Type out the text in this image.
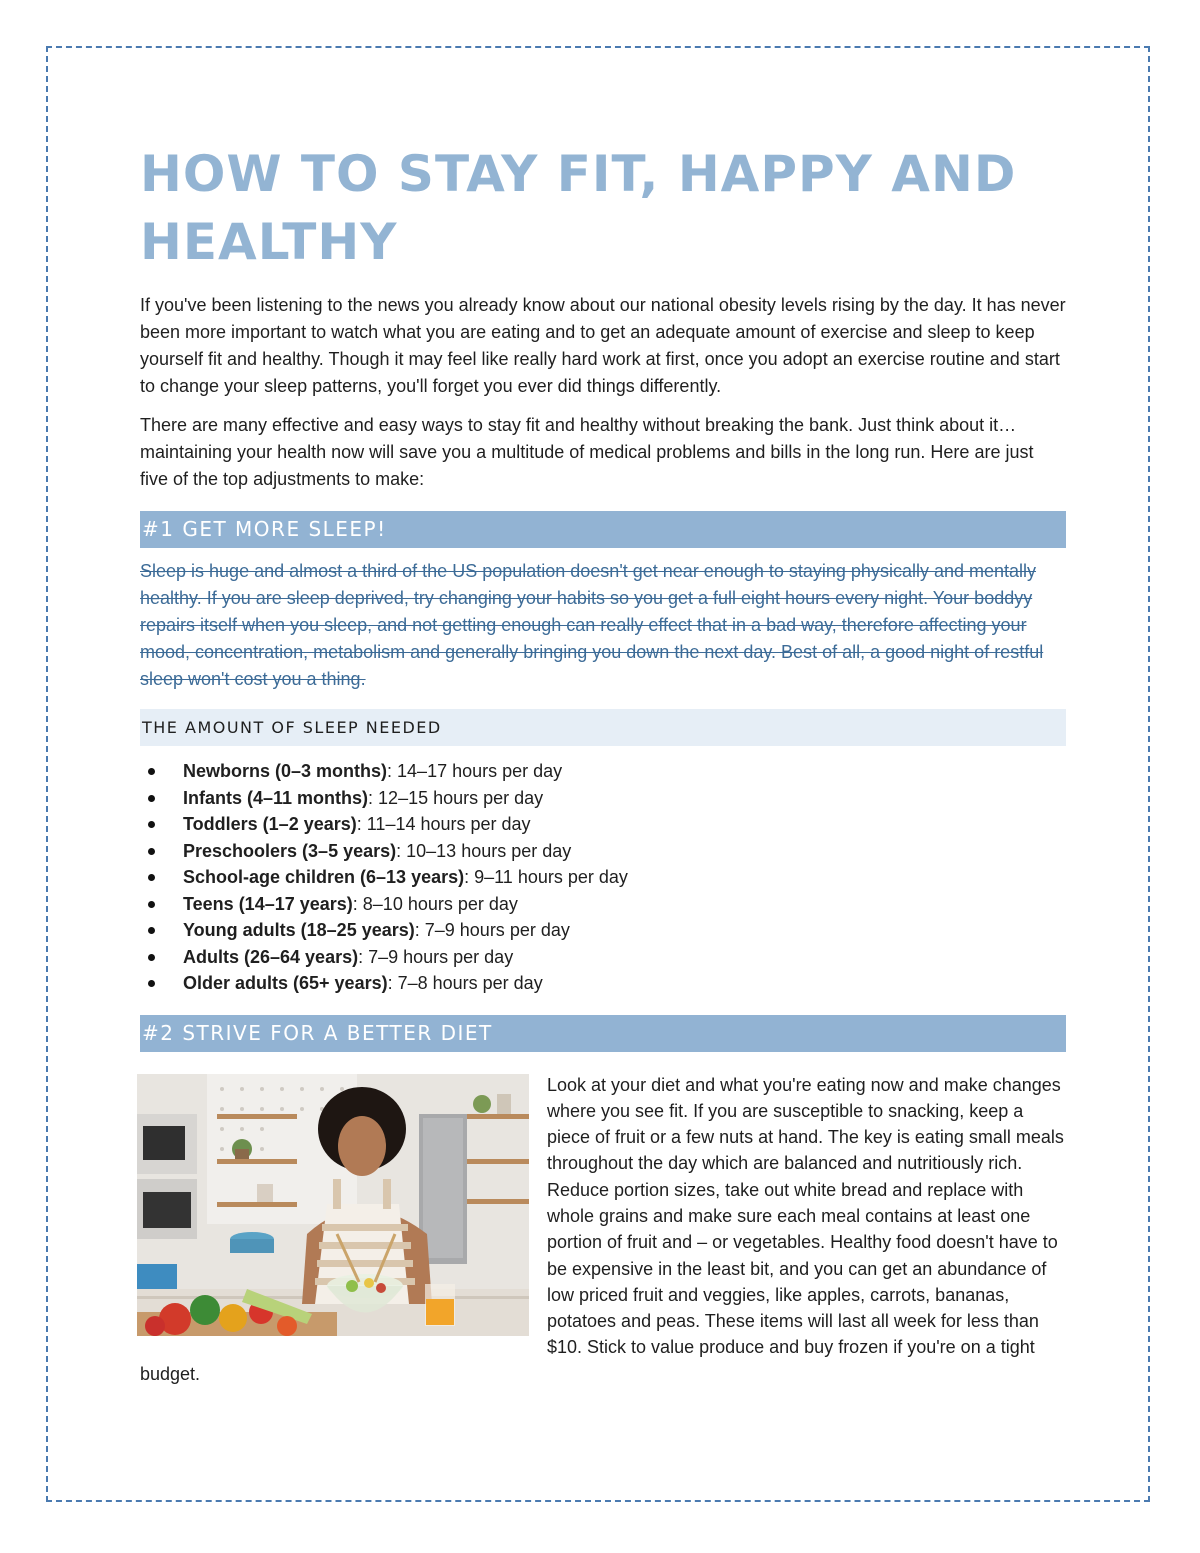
HOW TO STAY FIT, HAPPY AND HEALTHY

If you've been listening to the news you already know about our national obesity levels rising by the day. It has never been more important to watch what you are eating and to get an adequate amount of exercise and sleep to keep yourself fit and healthy. Though it may feel like really hard work at first, once you adopt an exercise routine and start to change your sleep patterns, you'll forget you ever did things differently.

There are many effective and easy ways to stay fit and healthy without breaking the bank. Just think about it…maintaining your health now will save you a multitude of medical problems and bills in the long run. Here are just five of the top adjustments to make:

#1 GET MORE SLEEP!

Sleep is huge and almost a third of the US population doesn't get near enough to staying physically and mentally healthy. If you are sleep deprived, try changing your habits so you get a full eight hours every night. Your boddyy repairs itself when you sleep, and not getting enough can really effect that in a bad way, therefore affecting your mood, concentration, metabolism and generally bringing you down the next day. Best of all, a good night of restful sleep won't cost you a thing.

THE AMOUNT OF SLEEP NEEDED
Newborns (0–3 months): 14–17 hours per day
Infants (4–11 months): 12–15 hours per day
Toddlers (1–2 years): 11–14 hours per day
Preschoolers (3–5 years): 10–13 hours per day
School-age children (6–13 years): 9–11 hours per day
Teens (14–17 years): 8–10 hours per day
Young adults (18–25 years): 7–9 hours per day
Adults (26–64 years): 7–9 hours per day
Older adults (65+ years): 7–8 hours per day
#2 STRIVE FOR A BETTER DIET
Look at your diet and what you're eating now and make changes where you see fit. If you are susceptible to snacking, keep a piece of fruit or a few nuts at hand. The key is eating small meals throughout the day which are balanced and nutritiously rich. Reduce portion sizes, take out white bread and replace with whole grains and make sure each meal contains at least one portion of fruit and – or vegetables. Healthy food doesn't have to be expensive in the least bit, and you can get an abundance of low priced fruit and veggies, like apples, carrots, bananas, potatoes and peas. These items will last all week for less than $10. Stick to value produce and buy frozen if you're on a tight budget.
